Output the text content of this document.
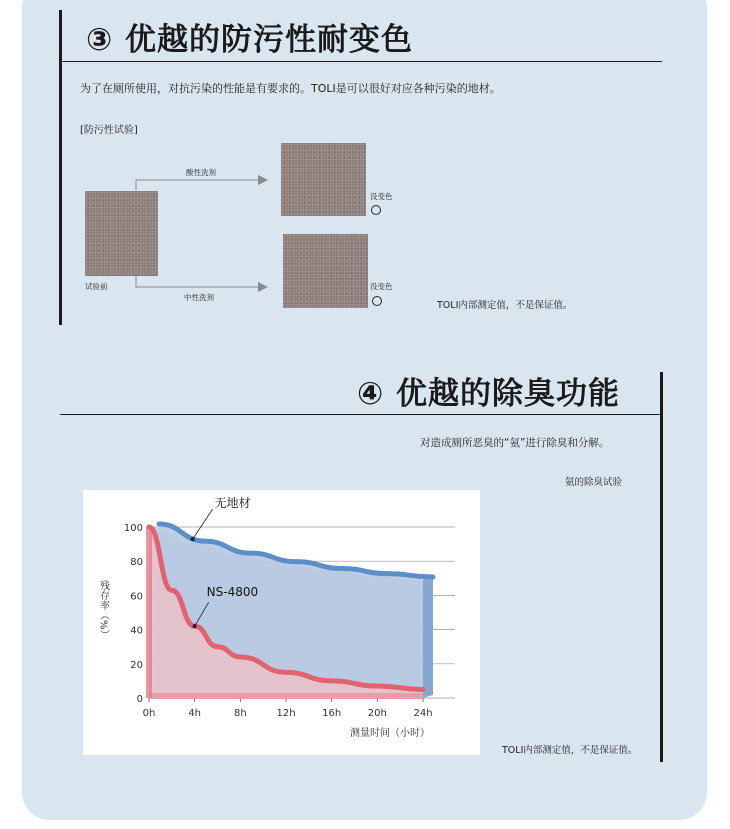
③ 优越的防污性耐变色
为了在厕所使用，对抗污染的性能是有要求的。TOLI是可以很好对应各种污染的地材。
[防污性试验]
试验前
酸性洗剂
中性洗剂
没变色
没变色
TOLI内部测定值，不是保证值。
④ 优越的除臭功能
对造成厕所恶臭的“氨”进行除臭和分解。
氨的除臭试验
0
20
40
60
80
100
0h	4h	8h	12h	16h	20h	24h
测量时间（小时）
残存率（%）
无地材
NS-4800
TOLI内部测定值，不是保证值。
